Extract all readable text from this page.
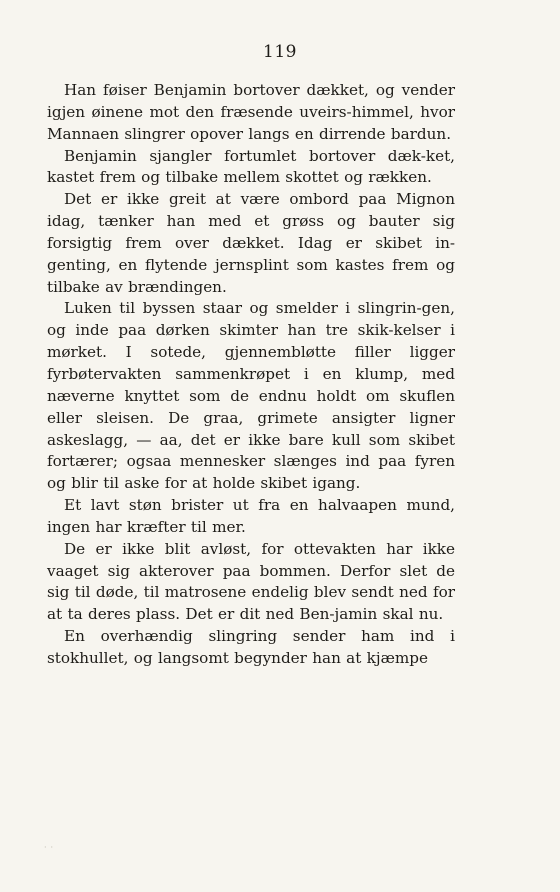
119

Han føiser Benjamin bortover dækket, og vender igjen øinene mot den fræsende uveirs-himmel, hvor Mannaen slingrer opover langs en dirrende bardun.

Benjamin sjangler fortumlet bortover dæk-ket, kastet frem og tilbake mellem skottet og rækken.

Det er ikke greit at være ombord paa Mignon idag, tænker han med et grøss og bauter sig forsigtig frem over dækket. Idag er skibet in-genting, en flytende jernsplint som kastes frem og tilbake av brændingen.

Luken til byssen staar og smelder i slingrin-gen, og inde paa dørken skimter han tre skik-kelser i mørket. I sotede, gjennembløtte filler ligger fyrbøtervakten sammenkrøpet i en klump, med næverne knyttet som de endnu holdt om skuflen eller sleisen. De graa, grimete ansigter ligner askeslagg, — aa, det er ikke bare kull som skibet fortærer; ogsaa mennesker slænges ind paa fyren og blir til aske for at holde skibet igang.

Et lavt støn brister ut fra en halvaapen mund, ingen har kræfter til mer.

De er ikke blit avløst, for ottevakten har ikke vaaget sig akterover paa bommen. Derfor slet de sig til døde, til matrosene endelig blev sendt ned for at ta deres plass. Det er dit ned Ben-jamin skal nu.

En overhændig slingring sender ham ind i stokhullet, og langsomt begynder han at kjæmpe

· ·
